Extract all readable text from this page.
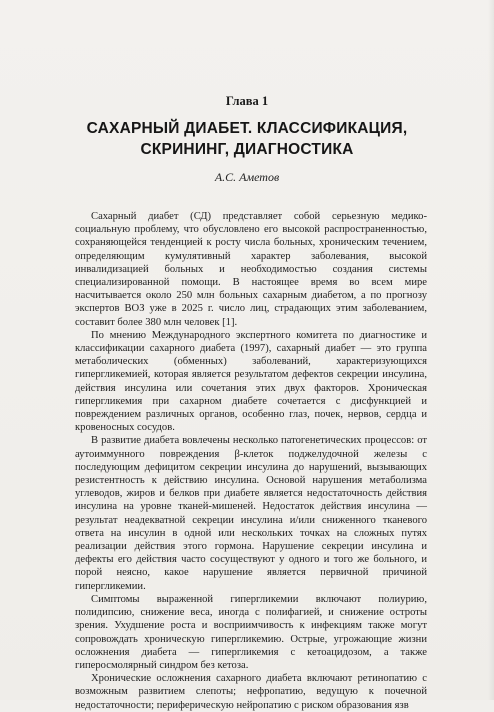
Глава 1
САХАРНЫЙ ДИАБЕТ. КЛАССИФИКАЦИЯ,
СКРИНИНГ, ДИАГНОСТИКА
А.С. Аметов

Сахарный диабет (СД) представляет собой серьезную медико-социальную проблему, что обусловлено его высокой распространенностью, сохраняющейся тенденцией к росту числа больных, хроническим течением, определяющим кумулятивный характер заболевания, высокой инвалидизацией больных и необходимостью создания системы специализированной помощи. В настоящее время во всем мире насчитывается около 250 млн больных сахарным диабетом, а по прогнозу экспертов ВОЗ уже в 2025 г. число лиц, страдающих этим заболеванием, составит более 380 млн человек [1].

По мнению Международного экспертного комитета по диагностике и классификации сахарного диабета (1997), сахарный диабет — это группа метаболических (обменных) заболеваний, характеризующихся гипергликемией, которая является результатом дефектов секреции инсулина, действия инсулина или сочетания этих двух факторов. Хроническая гипергликемия при сахарном диабете сочетается с дисфункцией и повреждением различных органов, особенно глаз, почек, нервов, сердца и кровеносных сосудов.

В развитие диабета вовлечены несколько патогенетических процессов: от аутоиммунного повреждения β-клеток поджелудочной железы с последующим дефицитом секреции инсулина до нарушений, вызывающих резистентность к действию инсулина. Основой нарушения метаболизма углеводов, жиров и белков при диабете является недостаточность действия инсулина на уровне тканей-мишеней. Недостаток действия инсулина — результат неадекватной секреции инсулина и/или сниженного тканевого ответа на инсулин в одной или нескольких точках на сложных путях реализации действия этого гормона. Нарушение секреции инсулина и дефекты его действия часто сосуществуют у одного и того же больного, и порой неясно, какое нарушение является первичной причиной гипергликемии.

Симптомы выраженной гипергликемии включают полиурию, полидипсию, снижение веса, иногда с полифагией, и снижение остроты зрения. Ухудшение роста и восприимчивость к инфекциям также могут сопровождать хроническую гипергликемию. Острые, угрожающие жизни осложнения диабета — гипергликемия с кетоацидозом, а также гиперосмолярный синдром без кетоза.

Хронические осложнения сахарного диабета включают ретинопатию с возможным развитием слепоты; нефропатию, ведущую к почечной недостаточности; периферическую нейропатию с риском образования язв
